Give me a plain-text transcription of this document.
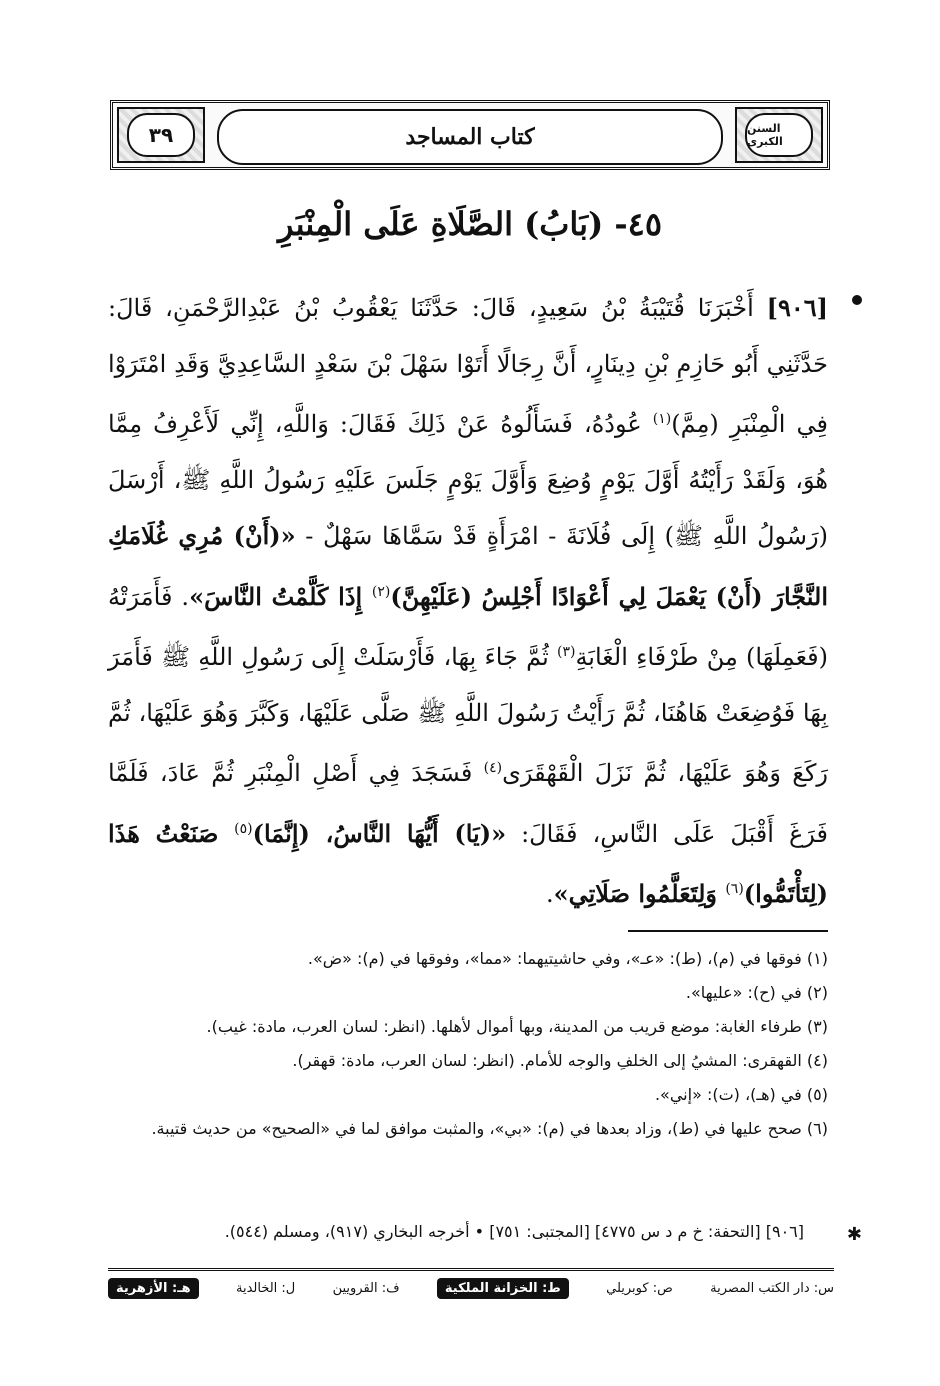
٣٩	كتاب المساجد	السنن الكبرى
٤٥- (بَابُ) الصَّلَاةِ عَلَى الْمِنْبَرِ
[٩٠٦] أَخْبَرَنَا قُتَيْبَةُ بْنُ سَعِيدٍ، قَالَ: حَدَّثَنَا يَعْقُوبُ بْنُ عَبْدِالرَّحْمَنِ، قَالَ: حَدَّثَنِي أَبُو حَازِمِ بْنِ دِينَارٍ، أَنَّ رِجَالًا أَتَوْا سَهْلَ بْنَ سَعْدٍ السَّاعِدِيَّ وَقَدِ امْتَرَوْا فِي الْمِنْبَرِ (مِمَّ)$^{(١)}$ عُودُهُ، فَسَأَلُوهُ عَنْ ذَلِكَ فَقَالَ: وَاللَّهِ، إِنِّي لَأَعْرِفُ مِمَّا هُوَ، وَلَقَدْ رَأَيْتُهُ أَوَّلَ يَوْمٍ وُضِعَ وَأَوَّلَ يَوْمٍ جَلَسَ عَلَيْهِ رَسُولُ اللَّهِ ﷺ، أَرْسَلَ (رَسُولُ اللَّهِ ﷺ) إِلَى فُلَانَةَ - امْرَأَةٍ قَدْ سَمَّاهَا سَهْلٌ - «(أَنْ) مُرِي غُلَامَكِ النَّجَّارَ (أَنْ) يَعْمَلَ لِي أَعْوَادًا أَجْلِسُ (عَلَيْهِنَّ)$^{(٢)}$ إِذَا كَلَّمْتُ النَّاسَ». فَأَمَرَتْهُ (فَعَمِلَهَا) مِنْ طَرْفَاءِ الْغَابَةِ$^{(٣)}$ ثُمَّ جَاءَ بِهَا، فَأَرْسَلَتْ إِلَى رَسُولِ اللَّهِ ﷺ فَأَمَرَ بِهَا فَوُضِعَتْ هَاهُنَا، ثُمَّ رَأَيْتُ رَسُولَ اللَّهِ ﷺ صَلَّى عَلَيْهَا، وَكَبَّرَ وَهُوَ عَلَيْهَا، ثُمَّ رَكَعَ وَهُوَ عَلَيْهَا، ثُمَّ نَزَلَ الْقَهْقَرَى$^{(٤)}$ فَسَجَدَ فِي أَصْلِ الْمِنْبَرِ ثُمَّ عَادَ، فَلَمَّا فَرَغَ أَقْبَلَ عَلَى النَّاسِ، فَقَالَ: «(يَا) أَيُّهَا النَّاسُ، (إِنَّمَا)$^{(٥)}$ صَنَعْتُ هَذَا (لِتَأْتَمُّوا)$^{(٦)}$ وَلِتَعَلَّمُوا صَلَاتِي».
(١) فوقها في (م)، (ط): «عـ»، وفي حاشيتيهما: «مما»، وفوقها في (م): «ض».
(٢) في (ح): «عليها».
(٣) طرفاء الغابة: موضع قريب من المدينة، وبها أموال لأهلها. (انظر: لسان العرب، مادة: غيب).
(٤) القهقرى: المشيُ إلى الخلفِ والوجه للأمام. (انظر: لسان العرب، مادة: قهقر).
(٥) في (هـ)، (ت): «إني».
(٦) صحح عليها في (ط)، وزاد بعدها في (م): «بي»، والمثبت موافق لما في «الصحيح» من حديث قتيبة.
✱
[٩٠٦] [التحفة: خ م د س ٤٧٧٥] [المجتبى: ٧٥١] • أخرجه البخاري (٩١٧)، ومسلم (٥٤٤).
س: دار الكتب المصرية
ص: كوبريلي
ط: الخزانة الملكية
ف: القرويين
ل: الخالدية
هـ: الأزهرية
